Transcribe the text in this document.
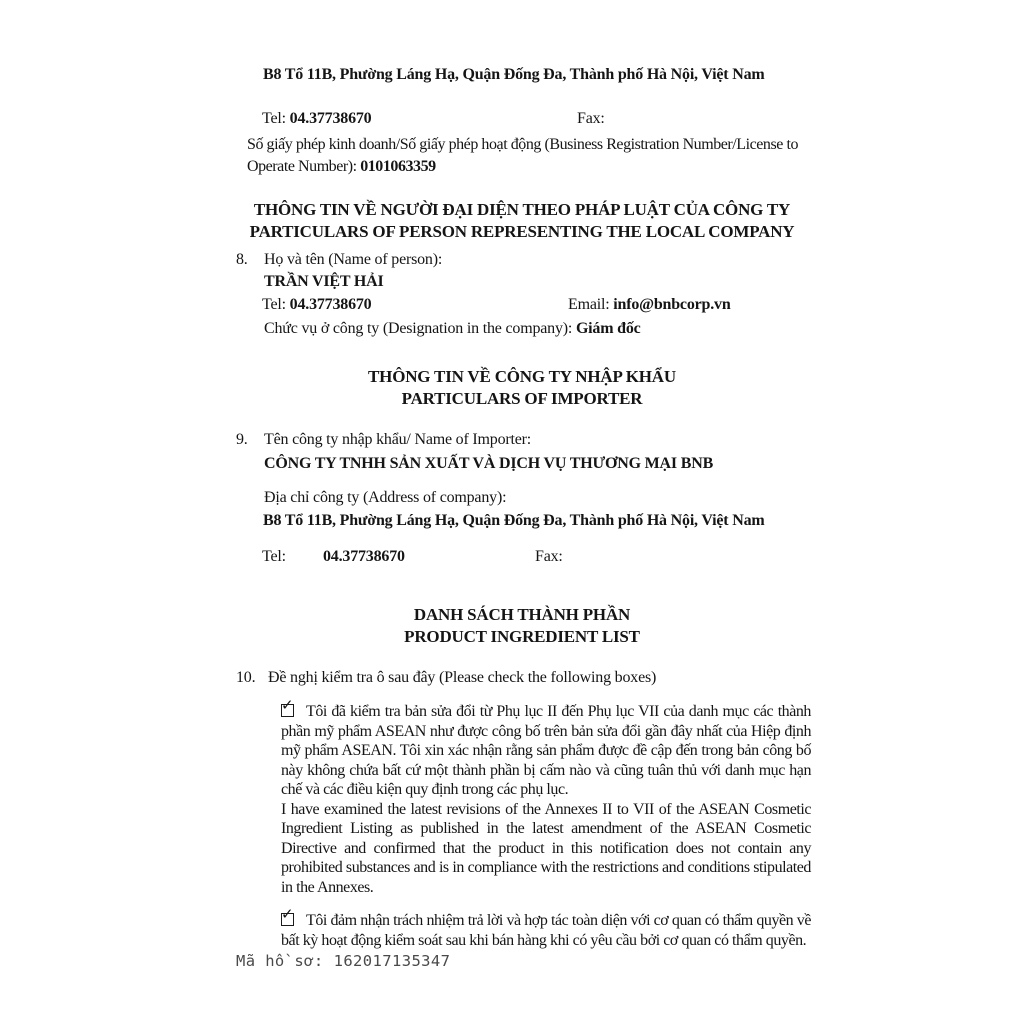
B8 Tổ 11B, Phường Láng Hạ, Quận Đống Đa, Thành phố Hà Nội, Việt Nam
Tel: 04.37738670	Fax:

Số giấy phép kinh doanh/Số giấy phép hoạt động (Business Registration Number/License to Operate Number): 0101063359

THÔNG TIN VỀ NGƯỜI ĐẠI DIỆN THEO PHÁP LUẬT CỦA CÔNG TY
PARTICULARS OF PERSON REPRESENTING THE LOCAL COMPANY
8.	Họ và tên (Name of person):
TRẦN VIỆT HẢI
Tel: 04.37738670	Email: info@bnbcorp.vn
Chức vụ ở công ty (Designation in the company): Giám đốc
THÔNG TIN VỀ CÔNG TY NHẬP KHẨU
PARTICULARS OF IMPORTER
9.	Tên công ty nhập khẩu/ Name of Importer:
CÔNG TY TNHH SẢN XUẤT VÀ DỊCH VỤ THƯƠNG MẠI BNB
Địa chỉ công ty (Address of company):
B8 Tổ 11B, Phường Láng Hạ, Quận Đống Đa, Thành phố Hà Nội, Việt Nam
Tel: 04.37738670	Fax:
DANH SÁCH THÀNH PHẦN
PRODUCT INGREDIENT LIST
10. Đề nghị kiểm tra ô sau đây (Please check the following boxes)

✓ Tôi đã kiểm tra bản sửa đổi từ Phụ lục II đến Phụ lục VII của danh mục các thành phần mỹ phẩm ASEAN như được công bố trên bản sửa đổi gần đây nhất của Hiệp định mỹ phẩm ASEAN. Tôi xin xác nhận rằng sản phẩm được đề cập đến trong bản công bố này không chứa bất cứ một thành phần bị cấm nào và cũng tuân thủ với danh mục hạn chế và các điều kiện quy định trong các phụ lục.

I have examined the latest revisions of the Annexes II to VII of the ASEAN Cosmetic Ingredient Listing as published in the latest amendment of the ASEAN Cosmetic Directive and confirmed that the product in this notification does not contain any prohibited substances and is in compliance with the restrictions and conditions stipulated in the Annexes.

✓ Tôi đảm nhận trách nhiệm trả lời và hợp tác toàn diện với cơ quan có thẩm quyền về bất kỳ hoạt động kiểm soát sau khi bán hàng khi có yêu cầu bởi cơ quan có thẩm quyền.

Mã hồ sơ: 162017135347
